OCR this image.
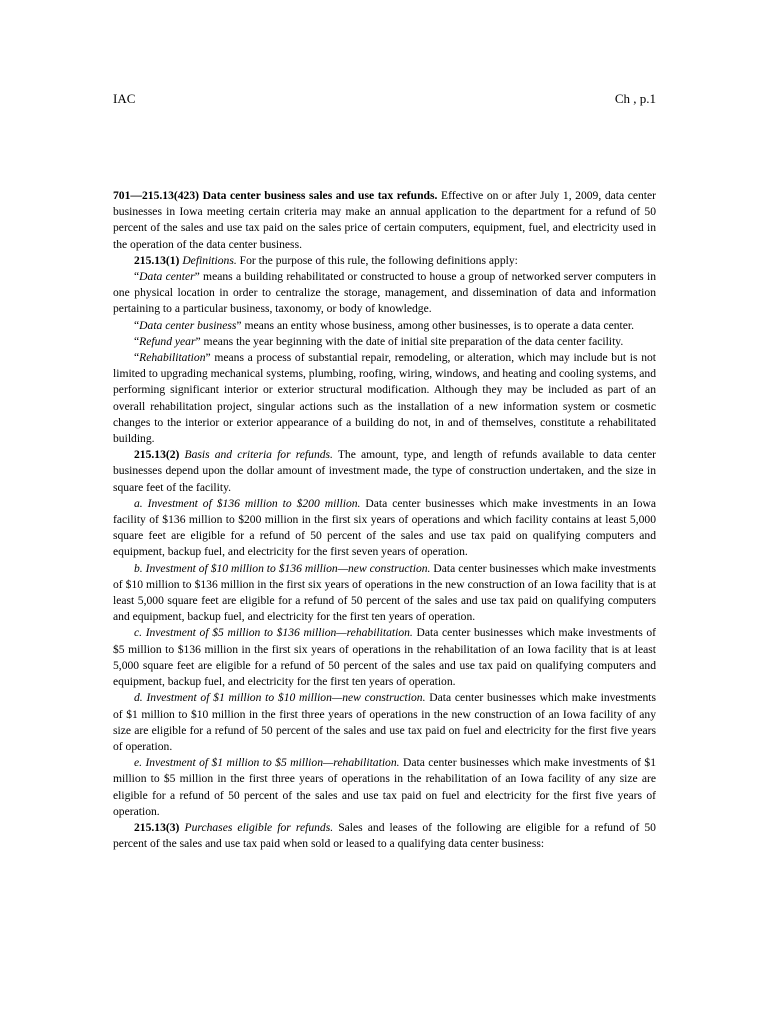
IAC	Ch , p.1

701—215.13(423) Data center business sales and use tax refunds. Effective on or after July 1, 2009, data center businesses in Iowa meeting certain criteria may make an annual application to the department for a refund of 50 percent of the sales and use tax paid on the sales price of certain computers, equipment, fuel, and electricity used in the operation of the data center business.

215.13(1) Definitions. For the purpose of this rule, the following definitions apply:

“Data center” means a building rehabilitated or constructed to house a group of networked server computers in one physical location in order to centralize the storage, management, and dissemination of data and information pertaining to a particular business, taxonomy, or body of knowledge.

“Data center business” means an entity whose business, among other businesses, is to operate a data center.

“Refund year” means the year beginning with the date of initial site preparation of the data center facility.

“Rehabilitation” means a process of substantial repair, remodeling, or alteration, which may include but is not limited to upgrading mechanical systems, plumbing, roofing, wiring, windows, and heating and cooling systems, and performing significant interior or exterior structural modification. Although they may be included as part of an overall rehabilitation project, singular actions such as the installation of a new information system or cosmetic changes to the interior or exterior appearance of a building do not, in and of themselves, constitute a rehabilitated building.

215.13(2) Basis and criteria for refunds. The amount, type, and length of refunds available to data center businesses depend upon the dollar amount of investment made, the type of construction undertaken, and the size in square feet of the facility.

a. Investment of $136 million to $200 million. Data center businesses which make investments in an Iowa facility of $136 million to $200 million in the first six years of operations and which facility contains at least 5,000 square feet are eligible for a refund of 50 percent of the sales and use tax paid on qualifying computers and equipment, backup fuel, and electricity for the first seven years of operation.

b. Investment of $10 million to $136 million—new construction. Data center businesses which make investments of $10 million to $136 million in the first six years of operations in the new construction of an Iowa facility that is at least 5,000 square feet are eligible for a refund of 50 percent of the sales and use tax paid on qualifying computers and equipment, backup fuel, and electricity for the first ten years of operation.

c. Investment of $5 million to $136 million—rehabilitation. Data center businesses which make investments of $5 million to $136 million in the first six years of operations in the rehabilitation of an Iowa facility that is at least 5,000 square feet are eligible for a refund of 50 percent of the sales and use tax paid on qualifying computers and equipment, backup fuel, and electricity for the first ten years of operation.

d. Investment of $1 million to $10 million—new construction. Data center businesses which make investments of $1 million to $10 million in the first three years of operations in the new construction of an Iowa facility of any size are eligible for a refund of 50 percent of the sales and use tax paid on fuel and electricity for the first five years of operation.

e. Investment of $1 million to $5 million—rehabilitation. Data center businesses which make investments of $1 million to $5 million in the first three years of operations in the rehabilitation of an Iowa facility of any size are eligible for a refund of 50 percent of the sales and use tax paid on fuel and electricity for the first five years of operation.

215.13(3) Purchases eligible for refunds. Sales and leases of the following are eligible for a refund of 50 percent of the sales and use tax paid when sold or leased to a qualifying data center business:
